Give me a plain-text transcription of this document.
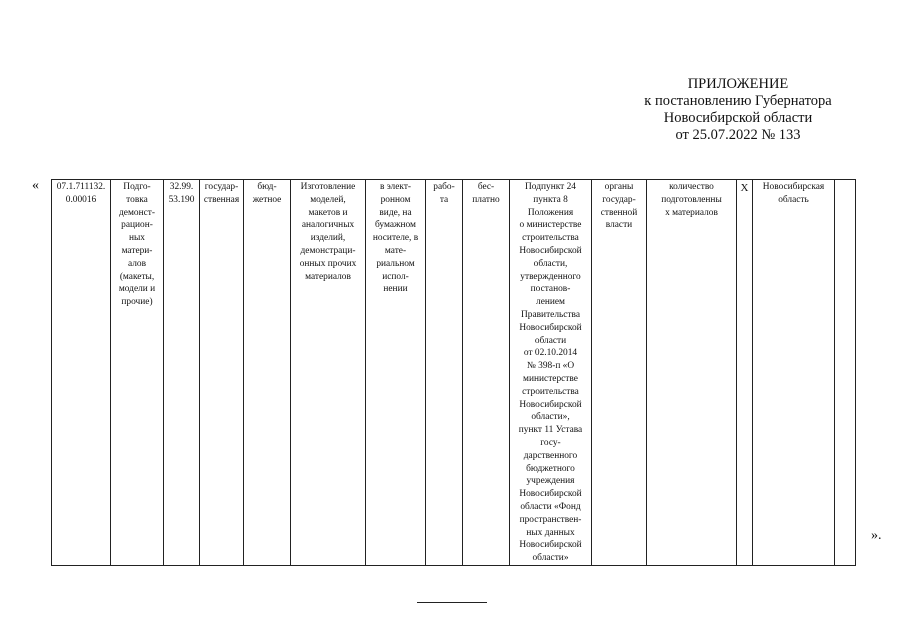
ПРИЛОЖЕНИЕ
к постановлению Губернатора
Новосибирской области
от 25.07.2022 № 133
« 07.1.711132.
0.00016	Подго-
товка
демонст-
рацион-
ных
матери-
алов
(макеты,
модели и
прочие)	32.99.
53.190	государ-
ственная	бюд-
жетное	Изготовление
моделей,
макетов и
аналогичных
изделий,
демонстраци-
онных прочих
материалов	в элект-
ронном
виде, на
бумажном
носителе, в
мате-
риальном
испол-
нении	рабо-
та	бес-
платно	Подпункт 24
пункта 8
Положения
о министерстве
строительства
Новосибирской
области,
утвержденного
постанов-
лением
Правительства
Новосибирской
области
от 02.10.2014
№ 398-п «О
министерстве
строительства
Новосибирской
области»,
пункт 11 Устава
госу-
дарственного
бюджетного
учреждения
Новосибирской
области «Фонд
пространствен-
ных данных
Новосибирской
области»	органы
государ-
ственной
власти	количество
подготовленны
х материалов	Х	Новосибирская
область	
».
